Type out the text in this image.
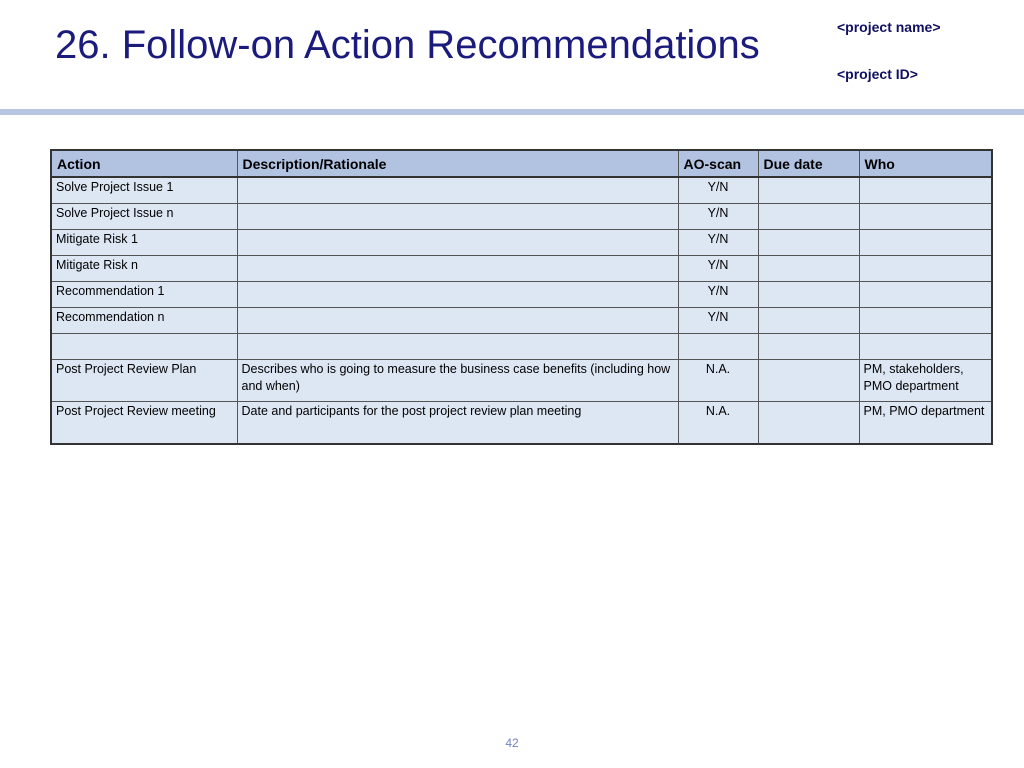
26. Follow-on Action Recommendations	<project name>
<project ID>
Action	Description/Rationale	AO-scan	Due date	Who
Solve Project Issue 1		Y/N		
Solve Project Issue n		Y/N		
Mitigate Risk 1		Y/N		
Mitigate Risk n		Y/N		
Recommendation 1		Y/N		
Recommendation n		Y/N		

Post Project Review Plan	Describes who is going to measure the business case benefits (including how and when)	N.A.		PM, stakeholders, PMO department
Post Project Review meeting	Date and participants for the post project review plan meeting	N.A.		PM, PMO department
42
